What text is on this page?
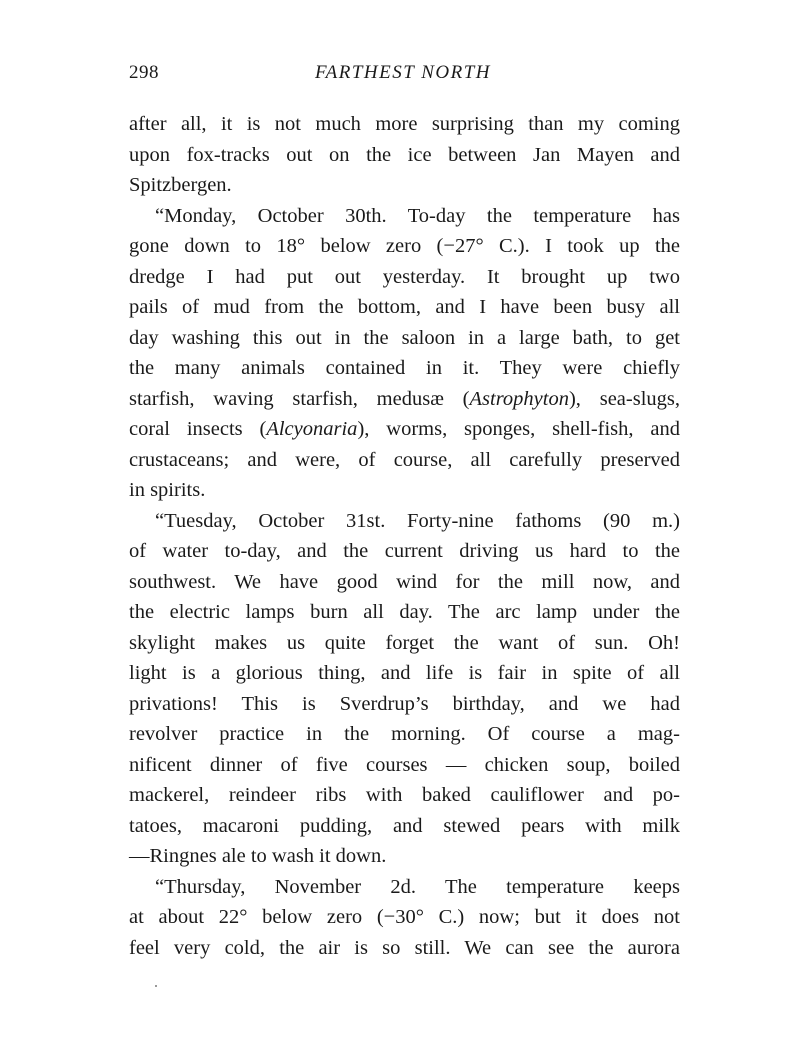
298	FARTHEST NORTH
after all, it is not much more surprising than my coming
upon fox-tracks out on the ice between Jan Mayen and
Spitzbergen.
“Monday, October 30th. To-day the temperature has
gone down to 18° below zero (−27° C.). I took up the
dredge I had put out yesterday. It brought up two
pails of mud from the bottom, and I have been busy all
day washing this out in the saloon in a large bath, to get
the many animals contained in it. They were chiefly
starfish, waving starfish, medusæ (Astrophyton), sea-slugs,
coral insects (Alcyonaria), worms, sponges, shell-fish, and
crustaceans; and were, of course, all carefully preserved
in spirits.
“Tuesday, October 31st. Forty-nine fathoms (90 m.)
of water to-day, and the current driving us hard to the
southwest. We have good wind for the mill now, and
the electric lamps burn all day. The arc lamp under the
skylight makes us quite forget the want of sun. Oh!
light is a glorious thing, and life is fair in spite of all
privations! This is Sverdrup’s birthday, and we had
revolver practice in the morning. Of course a mag-
nificent dinner of five courses — chicken soup, boiled
mackerel, reindeer ribs with baked cauliflower and po-
tatoes, macaroni pudding, and stewed pears with milk
—Ringnes ale to wash it down.
“Thursday, November 2d. The temperature keeps
at about 22° below zero (−30° C.) now; but it does not
feel very cold, the air is so still. We can see the aurora
